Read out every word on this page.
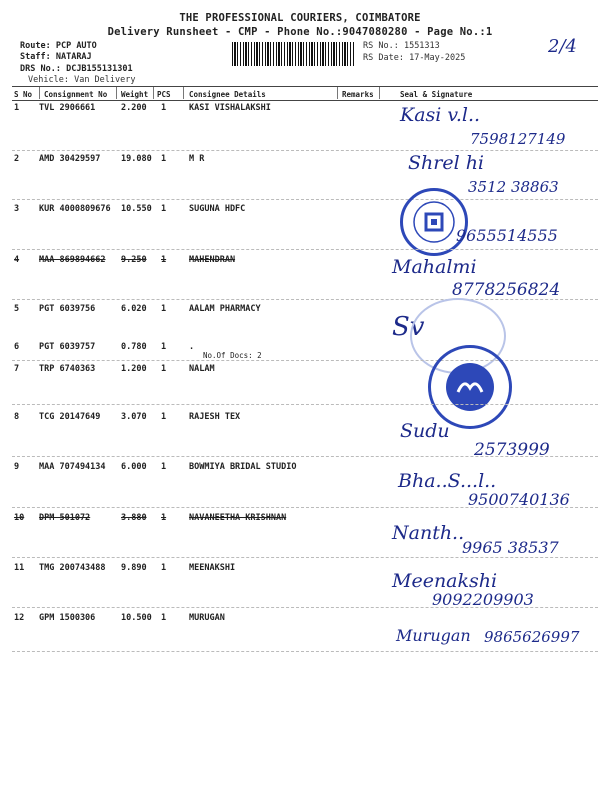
THE PROFESSIONAL COURIERS, COIMBATORE
Delivery Runsheet - CMP - Phone No.:9047080280 - Page No.:1
2/4
Route: PCP AUTO
Staff: NATARAJ
DRS No.: DCJB155131301
Vehicle: Van Delivery
RS No.: 1551313
RS Date: 17-May-2025
S No Consignment No Weight PCS Consignee Details	Remarks	Seal & Signature
1 TVL 2906661	2.200 1	KASI VISHALAKSHI	Kasi v.l..
7598127149
2 AMD 30429597 19.080 1	M R	Shrel hi
3512 38863
3 KUR 4000809676 10.550 1	SUGUNA HDFC
9655514555
4 MAA 869894662 9.250 1	MAHENDRAN	Mahalmi
8778256824
5 PGT 6039756	6.020 1	AALAM PHARMACY
Sv
6 PGT 6039757	0.780 1	.
No.Of Docs: 2
7 TRP 6740363	1.200 1	NALAM
8 TCG 20147649 3.070 1	RAJESH TEX
Sudu
2573999
9 MAA 707494134 6.000 1	BOWMIYA BRIDAL STUDIO
Bha..S...l..
9500740136
10 DPM 501072	3.880 1	NAVANEETHA KRISHNAN
Nanth..
9965 38537
11 TMG 200743488 9.890 1	MEENAKSHI
Meenakshi
9092209903
12 GPM 1500306	10.500 1	MURUGAN
Murugan 9865626997
